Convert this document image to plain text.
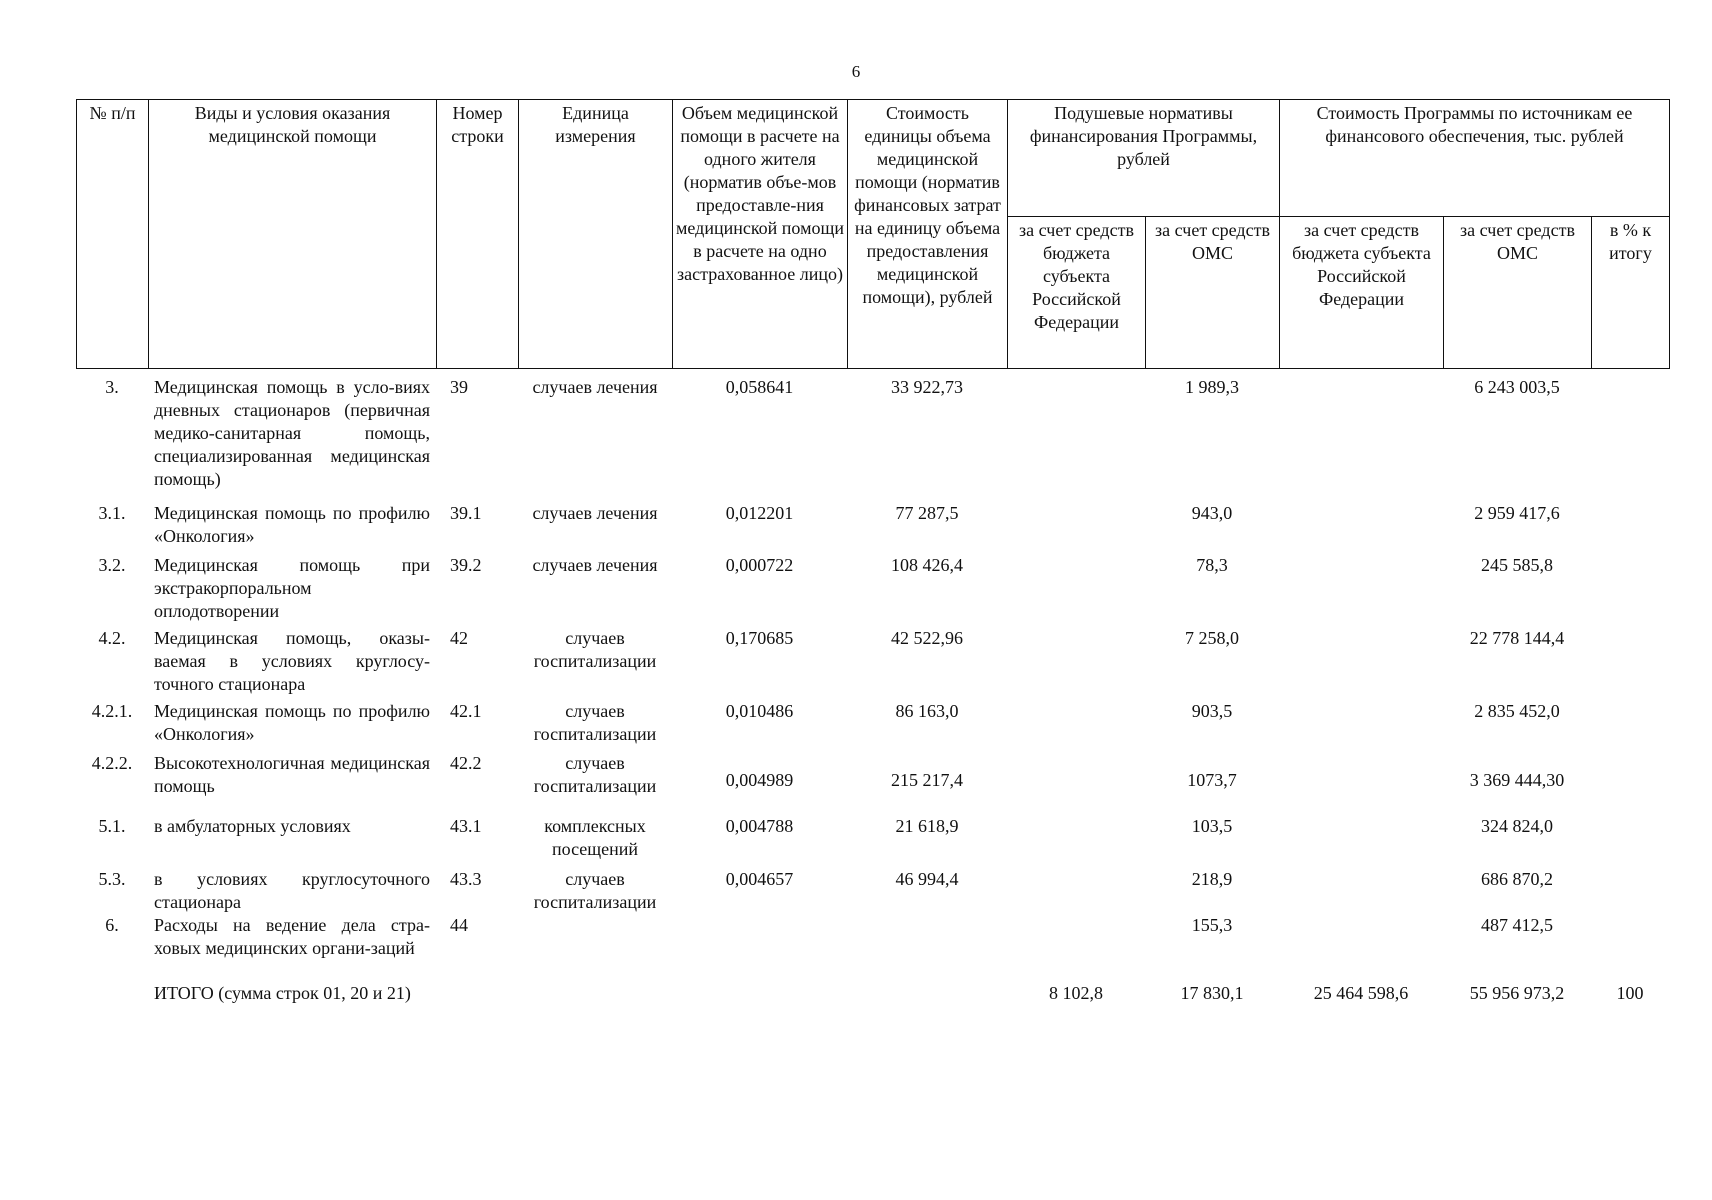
6
№ п/п	Виды и условия оказания медицинской помощи	Номер строки	Единица измерения	Объем медицинской помощи в расчете на одного жителя (норматив объе-мов предоставле-ния медицинской помощи в расчете на одно застрахованное лицо)	Стоимость единицы объема медицинской помощи (норматив финансовых затрат на единицу объема предоставления медицинской помощи), рублей	Подушевые нормативы финансирования Программы, рублей		Стоимость Программы по источникам ее финансового обеспечения, тыс. рублей		
						за счет средств бюджета субъекта Российской Федерации	за счет средств ОМС	за счет средств бюджета субъекта Российской Федерации	за счет средств ОМС	в % к итогу
3.	Медицинская помощь в усло-виях дневных стационаров (первичная медико-санитарная помощь, специализированная медицинская помощь)	39	случаев лечения	0,058641	33 922,73		1 989,3		6 243 003,5	
3.1.	Медицинская помощь по профилю «Онкология»	39.1	случаев лечения	0,012201	77 287,5		943,0		2 959 417,6	
3.2.	Медицинская помощь при экстракорпоральном оплодотворении	39.2	случаев лечения	0,000722	108 426,4		78,3		245 585,8	
4.2.	Медицинская помощь, оказы-ваемая в условиях круглосу-точного стационара	42	случаев госпитализации	0,170685	42 522,96		7 258,0		22 778 144,4	
4.2.1.	Медицинская помощь по профилю «Онкология»	42.1	случаев госпитализации	0,010486	86 163,0		903,5		2 835 452,0	
4.2.2.	Высокотехнологичная медицинская помощь	42.2	случаев госпитализации	0,004989	215 217,4		1073,7		3 369 444,30	
5.1.	в амбулаторных условиях	43.1	комплексных посещений	0,004788	21 618,9		103,5		324 824,0	
5.3.	в условиях круглосуточного стационара	43.3	случаев госпитализации	0,004657	46 994,4		218,9		686 870,2	
6.	Расходы на ведение дела стра-ховых медицинских органи-заций	44					155,3		487 412,5	
	ИТОГО (сумма строк 01, 20 и 21)					8 102,8	17 830,1	25 464 598,6	55 956 973,2	100
